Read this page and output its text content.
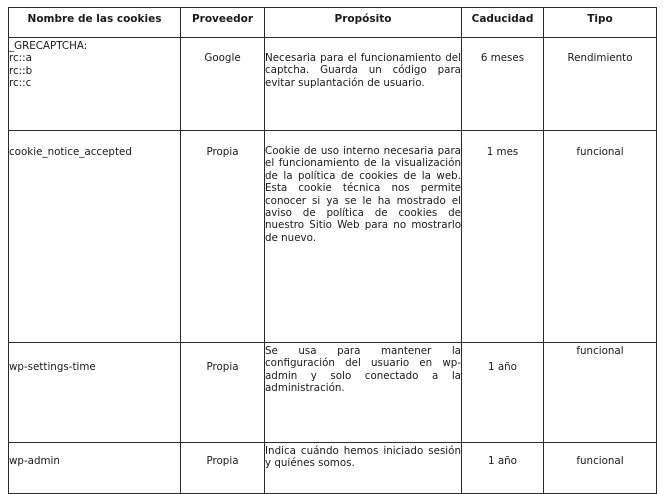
Nombre de las cookies	Proveedor	Propósito	Caducidad	Tipo

_GRECAPTCHA:
rc::a
rc::b
rc::c	Google	Necesaria para el funcionamiento del captcha. Guarda un código para evitar suplantación de usuario.	6 meses	Rendimiento

cookie_notice_accepted	Propia	Cookie de uso interno necesaria para el funcionamiento de la visualización de la política de cookies de la web. Esta cookie técnica nos permite conocer si ya se le ha mostrado el aviso de política de cookies de nuestro Sitio Web para no mostrarlo de nuevo.	1 mes	funcional

wp-settings-time	Propia	Se usa para mantener la configuración del usuario en wp-admin y solo conectado a la administración.	1 año	funcional

wp-admin	Propia	Indica cuándo hemos iniciado sesión y quiénes somos.	1 año	funcional
